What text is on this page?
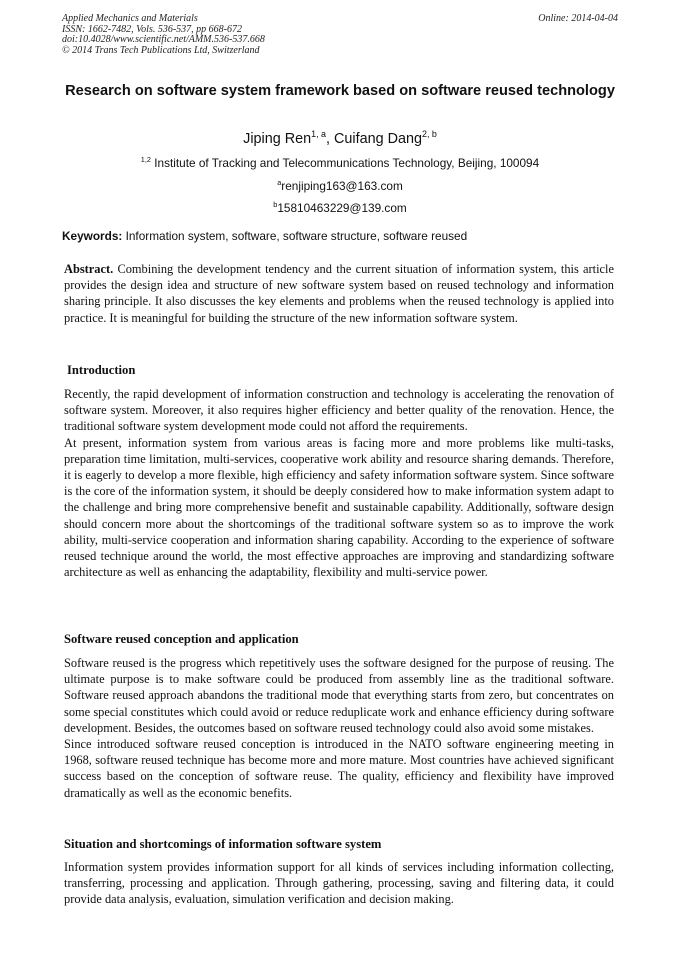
Applied Mechanics and Materials
ISSN: 1662-7482, Vols. 536-537, pp 668-672
doi:10.4028/www.scientific.net/AMM.536-537.668
© 2014 Trans Tech Publications Ltd, Switzerland
Online: 2014-04-04
Research on software system framework based on software reused technology
Jiping Ren$^{1, a}$, Cuifang Dang$^{2, b}$
$^{1,2}$ Institute of Tracking and Telecommunications Technology, Beijing, 100094
$^a$renjiping163@163.com
$^b$15810463229@139.com
Keywords: Information system, software, software structure, software reused

Abstract. Combining the development tendency and the current situation of information system, this article provides the design idea and structure of new software system based on reused technology and information sharing principle. It also discusses the key elements and problems when the reused technology is applied into practice. It is meaningful for building the structure of the new information software system.

Introduction

Recently, the rapid development of information construction and technology is accelerating the renovation of software system. Moreover, it also requires higher efficiency and better quality of the renovation. Hence, the traditional software system development mode could not afford the requirements.

At present, information system from various areas is facing more and more problems like multi-tasks, preparation time limitation, multi-services, cooperative work ability and resource sharing demands. Therefore, it is eagerly to develop a more flexible, high efficiency and safety information software system. Since software is the core of the information system, it should be deeply considered how to make information system adapt to the challenge and bring more comprehensive benefit and sustainable capability. Additionally, software design should concern more about the shortcomings of the traditional software system so as to improve the work ability, multi-service cooperation and information sharing capability. According to the experience of software reused technique around the world, the most effective approaches are improving and standardizing software architecture as well as enhancing the adaptability, flexibility and multi-service power.

Software reused conception and application

Software reused is the progress which repetitively uses the software designed for the purpose of reusing. The ultimate purpose is to make software could be produced from assembly line as the traditional software. Software reused approach abandons the traditional mode that everything starts from zero, but concentrates on some special constitutes which could avoid or reduce reduplicate work and enhance efficiency during software development. Besides, the outcomes based on software reused technology could also avoid some mistakes.

Since introduced software reused conception is introduced in the NATO software engineering meeting in 1968, software reused technique has become more and more mature. Most countries have achieved significant success based on the conception of software reuse. The quality, efficiency and flexibility have improved dramatically as well as the economic benefits.

Situation and shortcomings of information software system

Information system provides information support for all kinds of services including information collecting, transferring, processing and application. Through gathering, processing, saving and filtering data, it could provide data analysis, evaluation, simulation verification and decision making.
